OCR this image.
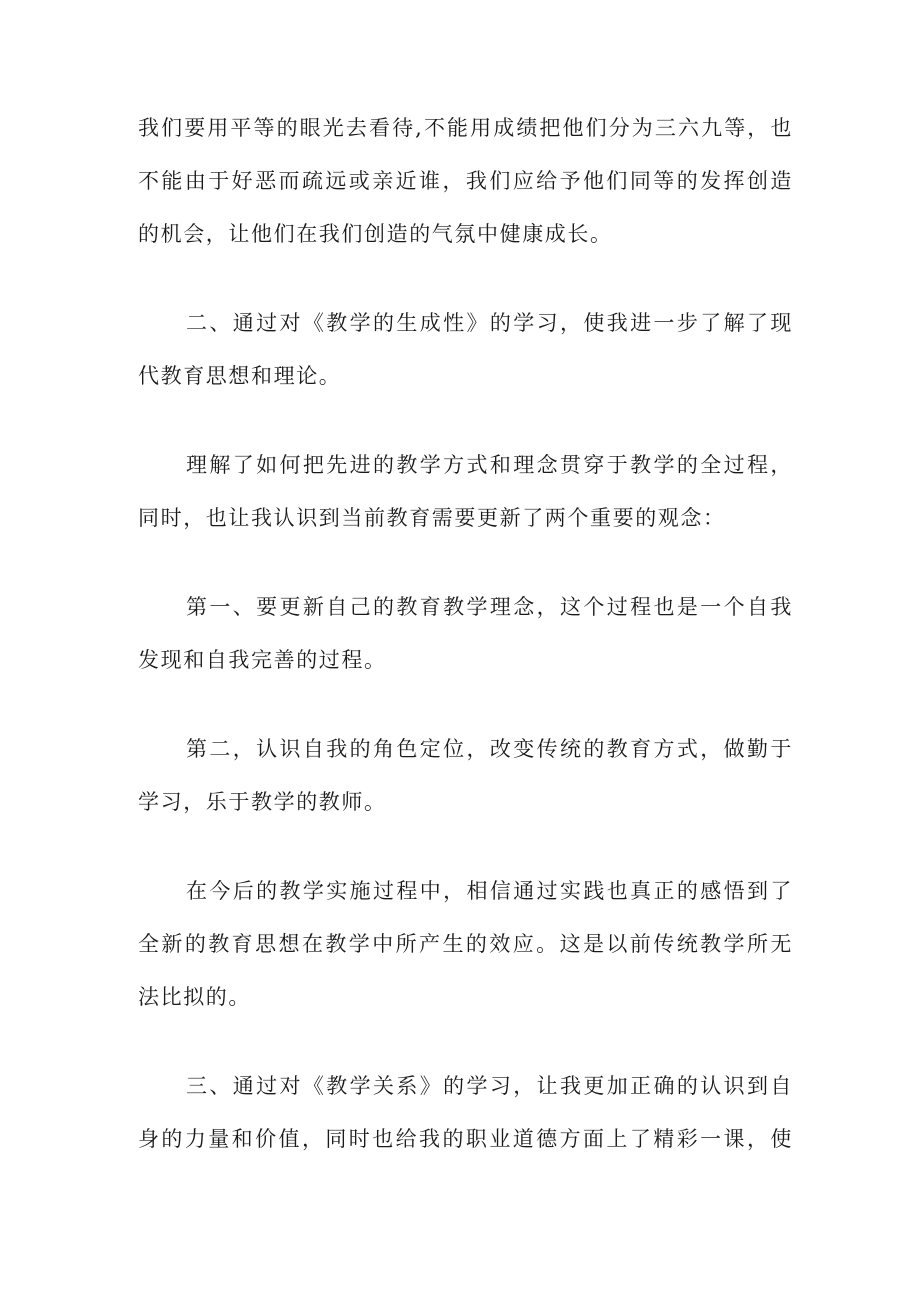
我们要用平等的眼光去看待,不能用成绩把他们分为三六九等，也
不能由于好恶而疏远或亲近谁，我们应给予他们同等的发挥创造
的机会，让他们在我们创造的气氛中健康成长。

二、通过对《教学的生成性》的学习，使我进一步了解了现
代教育思想和理论。

理解了如何把先进的教学方式和理念贯穿于教学的全过程，
同时，也让我认识到当前教育需要更新了两个重要的观念：

第一、要更新自己的教育教学理念，这个过程也是一个自我
发现和自我完善的过程。

第二，认识自我的角色定位，改变传统的教育方式，做勤于
学习，乐于教学的教师。

在今后的教学实施过程中，相信通过实践也真正的感悟到了
全新的教育思想在教学中所产生的效应。这是以前传统教学所无
法比拟的。

三、通过对《教学关系》的学习，让我更加正确的认识到自
身的力量和价值，同时也给我的职业道德方面上了精彩一课，使
